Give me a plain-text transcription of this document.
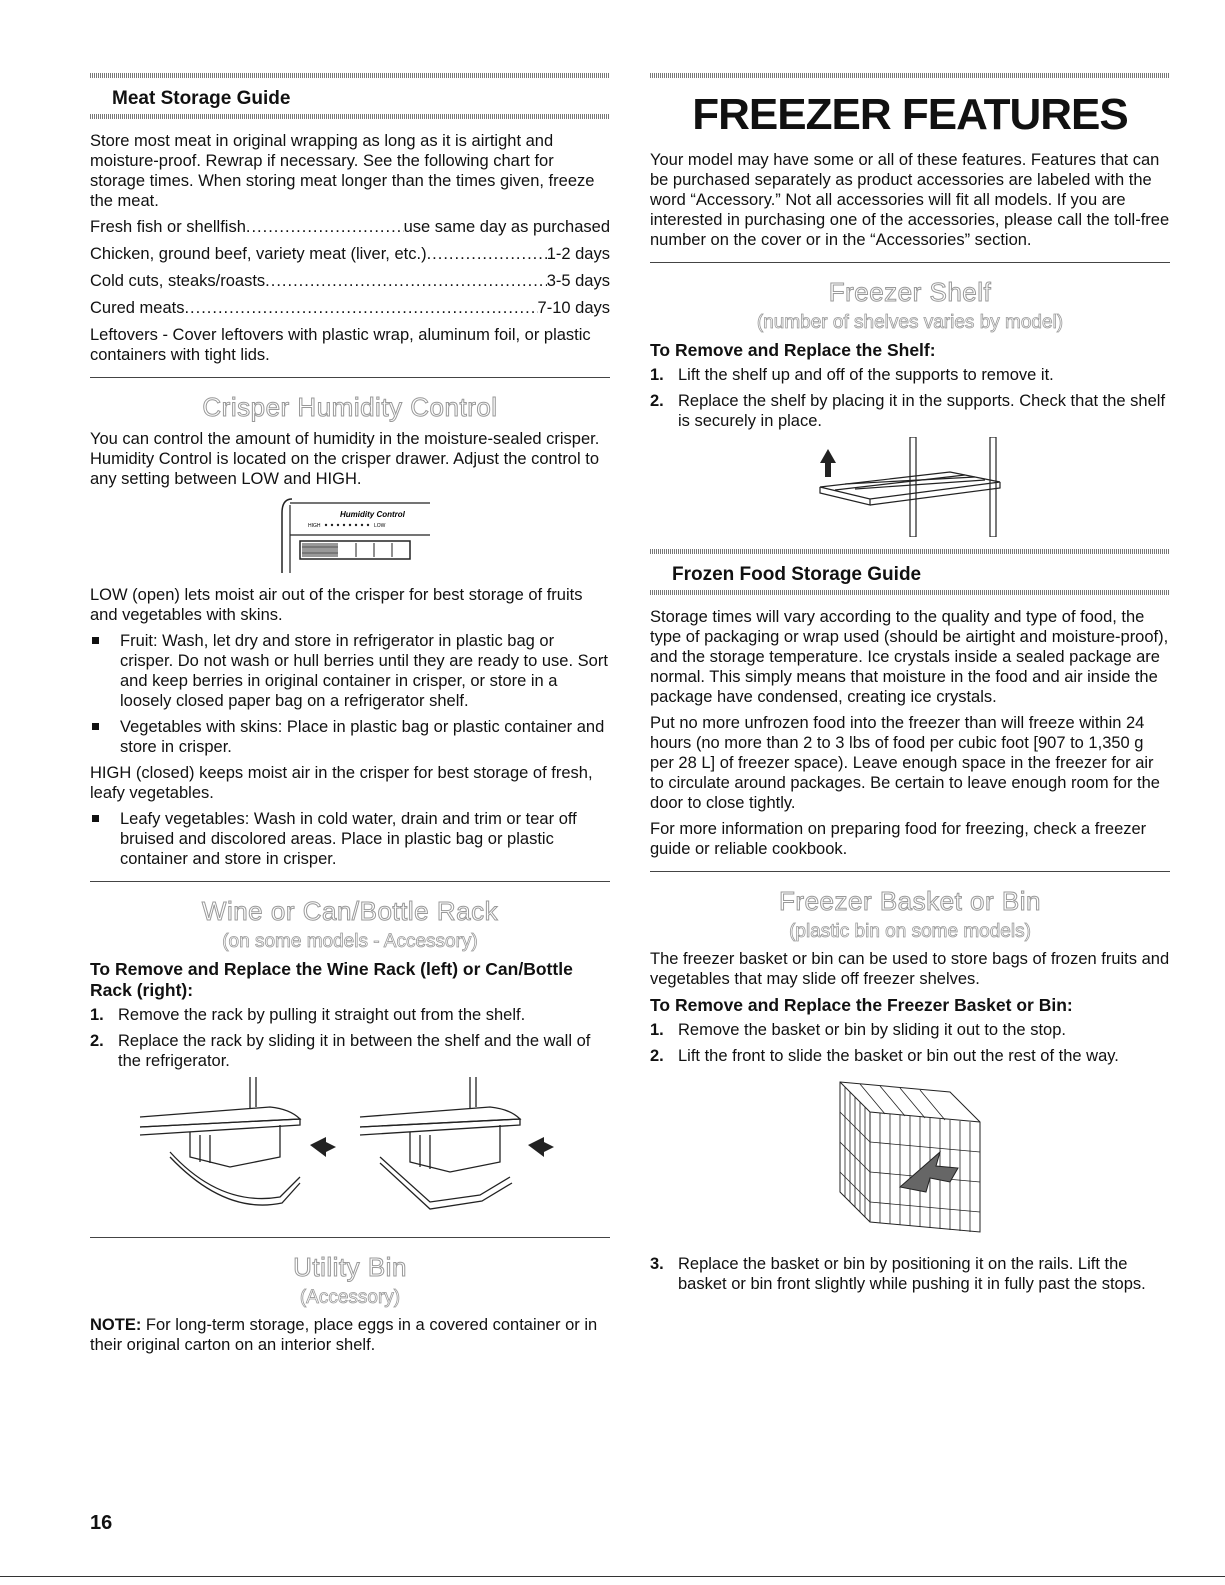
Meat Storage Guide

Store most meat in original wrapping as long as it is airtight and moisture-proof. Rewrap if necessary. See the following chart for storage times. When storing meat longer than the times given, freeze the meat.

Fresh fish or shellfish .....	use same day as purchased
Chicken, ground beef, variety meat (liver, etc.) .....	1-2 days
Cold cuts, steaks/roasts .....	3-5 days
Cured meats .....	7-10 days

Leftovers - Cover leftovers with plastic wrap, aluminum foil, or plastic containers with tight lids.

Crisper Humidity Control

You can control the amount of humidity in the moisture-sealed crisper. Humidity Control is located on the crisper drawer. Adjust the control to any setting between LOW and HIGH.

Humidity Control
HIGH	LOW

LOW (open) lets moist air out of the crisper for best storage of fruits and vegetables with skins.

Fruit: Wash, let dry and store in refrigerator in plastic bag or crisper. Do not wash or hull berries until they are ready to use. Sort and keep berries in original container in crisper, or store in a loosely closed paper bag on a refrigerator shelf.
Vegetables with skins: Place in plastic bag or plastic container and store in crisper.

HIGH (closed) keeps moist air in the crisper for best storage of fresh, leafy vegetables.

Leafy vegetables: Wash in cold water, drain and trim or tear off bruised and discolored areas. Place in plastic bag or plastic container and store in crisper.
Wine or Can/Bottle Rack
(on some models - Accessory)
To Remove and Replace the Wine Rack (left) or Can/Bottle Rack (right):
1. Remove the rack by pulling it straight out from the shelf.
2. Replace the rack by sliding it in between the shelf and the wall of the refrigerator.
Utility Bin
(Accessory)

NOTE: For long-term storage, place eggs in a covered container or in their original carton on an interior shelf.

FREEZER FEATURES

Your model may have some or all of these features. Features that can be purchased separately as product accessories are labeled with the word “Accessory.” Not all accessories will fit all models. If you are interested in purchasing one of the accessories, please call the toll-free number on the cover or in the “Accessories” section.

Freezer Shelf
(number of shelves varies by model)
To Remove and Replace the Shelf:
1. Lift the shelf up and off of the supports to remove it.
2. Replace the shelf by placing it in the supports. Check that the shelf is securely in place.
Frozen Food Storage Guide

Storage times will vary according to the quality and type of food, the type of packaging or wrap used (should be airtight and moisture-proof), and the storage temperature. Ice crystals inside a sealed package are normal. This simply means that moisture in the food and air inside the package have condensed, creating ice crystals.

Put no more unfrozen food into the freezer than will freeze within 24 hours (no more than 2 to 3 lbs of food per cubic foot [907 to 1,350 g per 28 L] of freezer space). Leave enough space in the freezer for air to circulate around packages. Be certain to leave enough room for the door to close tightly.

For more information on preparing food for freezing, check a freezer guide or reliable cookbook.

Freezer Basket or Bin
(plastic bin on some models)

The freezer basket or bin can be used to store bags of frozen fruits and vegetables that may slide off freezer shelves.

To Remove and Replace the Freezer Basket or Bin:
1. Remove the basket or bin by sliding it out to the stop.
2. Lift the front to slide the basket or bin out the rest of the way.
3. Replace the basket or bin by positioning it on the rails. Lift the basket or bin front slightly while pushing it in fully past the stops.
16
